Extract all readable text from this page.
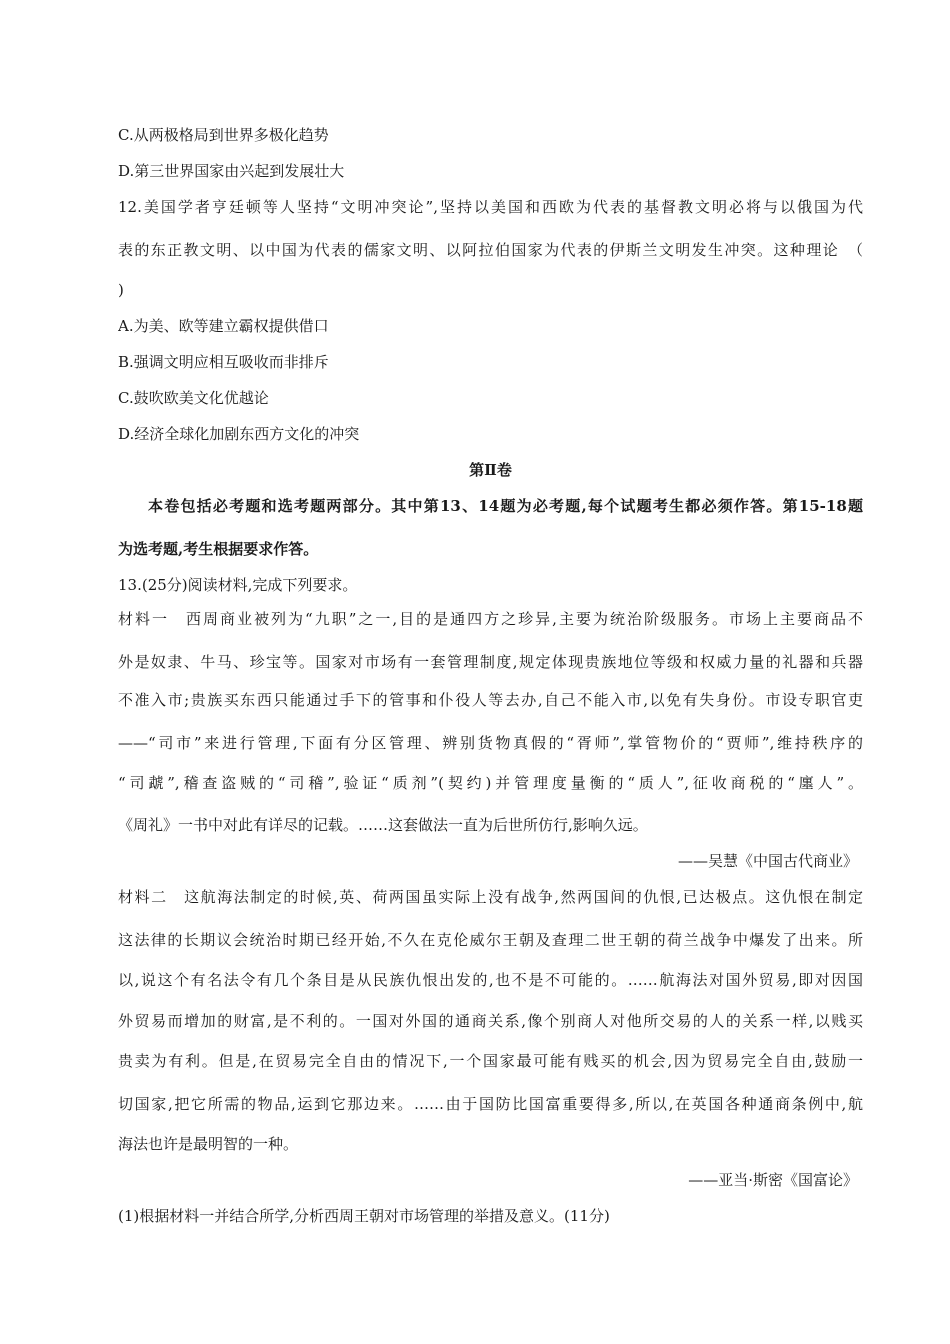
C.从两极格局到世界多极化趋势
D.第三世界国家由兴起到发展壮大
12.美国学者亨廷顿等人坚持“文明冲突论”,坚持以美国和西欧为代表的基督教文明必将与以俄国为代
表的东正教文明、以中国为代表的儒家文明、以阿拉伯国家为代表的伊斯兰文明发生冲突。这种理论　（
)
A.为美、欧等建立霸权提供借口
B.强调文明应相互吸收而非排斥
C.鼓吹欧美文化优越论
D.经济全球化加剧东西方文化的冲突
第Ⅱ卷
本卷包括必考题和选考题两部分。其中第13、14题为必考题,每个试题考生都必须作答。第15-18题
为选考题,考生根据要求作答。
13.(25分)阅读材料,完成下列要求。
材料一　西周商业被列为“九职”之一,目的是通四方之珍异,主要为统治阶级服务。市场上主要商品不
外是奴隶、牛马、珍宝等。国家对市场有一套管理制度,规定体现贵族地位等级和权威力量的礼器和兵器
不准入市;贵族买东西只能通过手下的管事和仆役人等去办,自己不能入市,以免有失身份。市设专职官吏
——“司市”来进行管理,下面有分区管理、辨别货物真假的“胥师”,掌管物价的“贾师”,维持秩序的
“司虣”,稽查盗贼的“司稽”,验证“质剂”(契约)并管理度量衡的“质人”,征收商税的“廛人”。
《周礼》一书中对此有详尽的记载。……这套做法一直为后世所仿行,影响久远。
——吴慧《中国古代商业》
材料二　这航海法制定的时候,英、荷两国虽实际上没有战争,然两国间的仇恨,已达极点。这仇恨在制定
这法律的长期议会统治时期已经开始,不久在克伦威尔王朝及查理二世王朝的荷兰战争中爆发了出来。所
以,说这个有名法令有几个条目是从民族仇恨出发的,也不是不可能的。……航海法对国外贸易,即对因国
外贸易而增加的财富,是不利的。一国对外国的通商关系,像个别商人对他所交易的人的关系一样,以贱买
贵卖为有利。但是,在贸易完全自由的情况下,一个国家最可能有贱买的机会,因为贸易完全自由,鼓励一
切国家,把它所需的物品,运到它那边来。……由于国防比国富重要得多,所以,在英国各种通商条例中,航
海法也许是最明智的一种。
——亚当·斯密《国富论》
(1)根据材料一并结合所学,分析西周王朝对市场管理的举措及意义。(11分)
